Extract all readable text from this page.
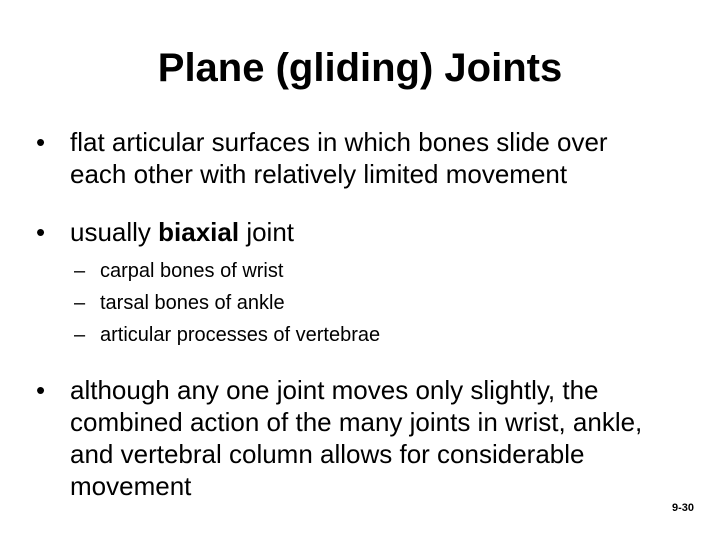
Plane (gliding) Joints
• flat articular surfaces in which bones slide over each other with relatively limited movement
• usually biaxial joint
– carpal bones of wrist
– tarsal bones of ankle
– articular processes of vertebrae
• although any one joint moves only slightly, the combined action of the many joints in wrist, ankle, and vertebral column allows for considerable movement
9-30
